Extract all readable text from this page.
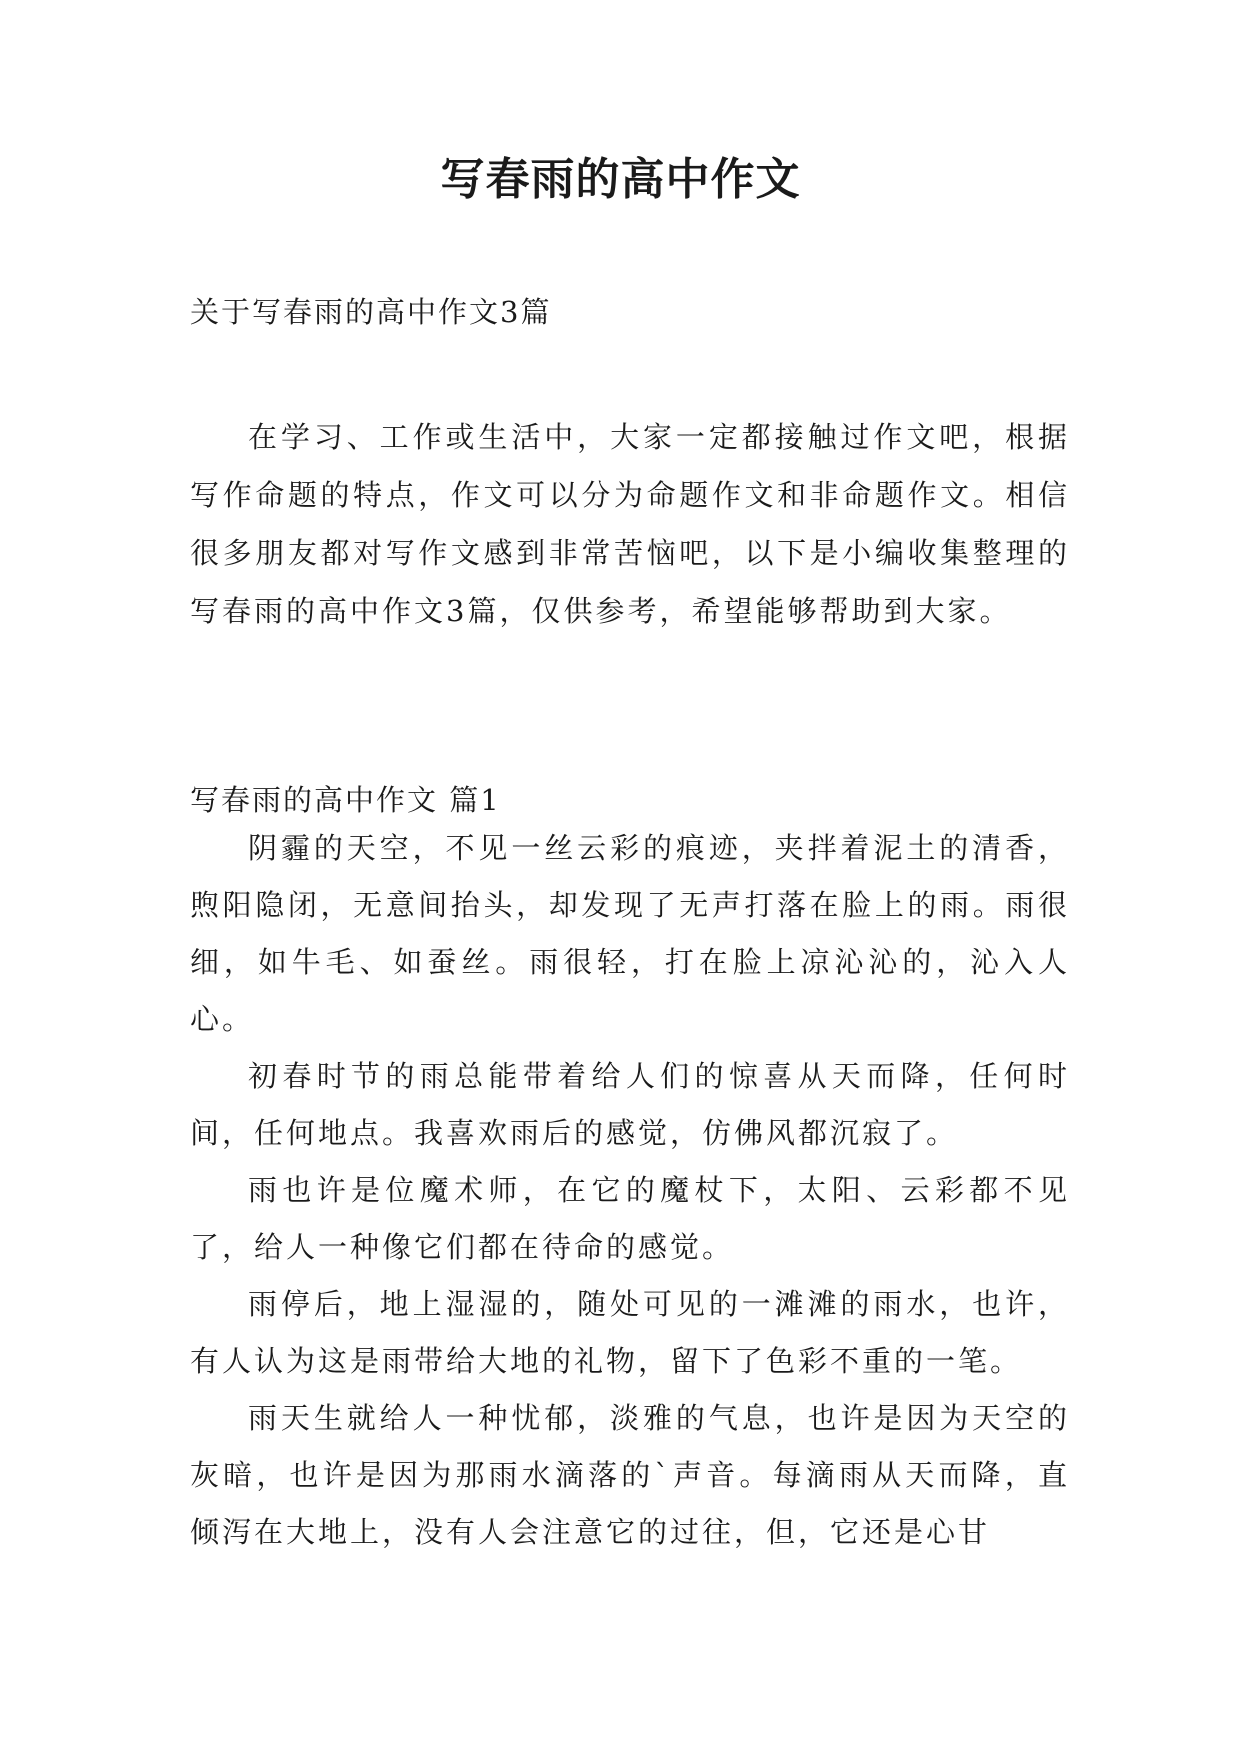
写春雨的高中作文
关于写春雨的高中作文3篇

在学习、工作或生活中，大家一定都接触过作文吧，根据写作命题的特点，作文可以分为命题作文和非命题作文。相信很多朋友都对写作文感到非常苦恼吧，以下是小编收集整理的写春雨的高中作文3篇，仅供参考，希望能够帮助到大家。

写春雨的高中作文 篇1

阴霾的天空，不见一丝云彩的痕迹，夹拌着泥土的清香，煦阳隐闭，无意间抬头，却发现了无声打落在脸上的雨。雨很细，如牛毛、如蚕丝。雨很轻，打在脸上凉沁沁的，沁入人心。

初春时节的雨总能带着给人们的惊喜从天而降，任何时间，任何地点。我喜欢雨后的感觉，仿佛风都沉寂了。

雨也许是位魔术师，在它的魔杖下，太阳、云彩都不见了，给人一种像它们都在待命的感觉。

雨停后，地上湿湿的，随处可见的一滩滩的雨水，也许，有人认为这是雨带给大地的礼物，留下了色彩不重的一笔。

雨天生就给人一种忧郁，淡雅的气息，也许是因为天空的灰暗，也许是因为那雨水滴落的`声音。每滴雨从天而降，直倾泻在大地上，没有人会注意它的过往，但，它还是心甘
